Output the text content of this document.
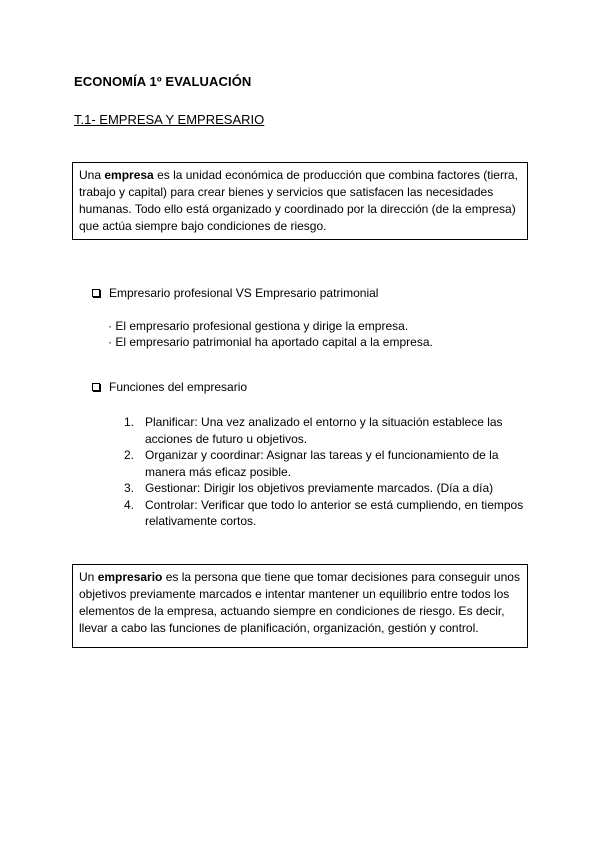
ECONOMÍA 1º EVALUACIÓN
T.1- EMPRESA Y EMPRESARIO

Una empresa es la unidad económica de producción que combina factores (tierra, trabajo y capital) para crear bienes y servicios que satisfacen las necesidades humanas. Todo ello está organizado y coordinado por la dirección (de la empresa) que actúa siempre bajo condiciones de riesgo.

Empresario profesional VS Empresario patrimonial
· El empresario profesional gestiona y dirige la empresa.
· El empresario patrimonial ha aportado capital a la empresa.
Funciones del empresario
1. Planificar: Una vez analizado el entorno y la situación establece las acciones de futuro u objetivos.
2. Organizar y coordinar: Asignar las tareas y el funcionamiento de la manera más eficaz posible.
3. Gestionar: Dirigir los objetivos previamente marcados. (Día a día)
4. Controlar: Verificar que todo lo anterior se está cumpliendo, en tiempos relativamente cortos.

Un empresario es la persona que tiene que tomar decisiones para conseguir unos objetivos previamente marcados e intentar mantener un equilibrio entre todos los elementos de la empresa, actuando siempre en condiciones de riesgo. Es decir, llevar a cabo las funciones de planificación, organización, gestión y control.
